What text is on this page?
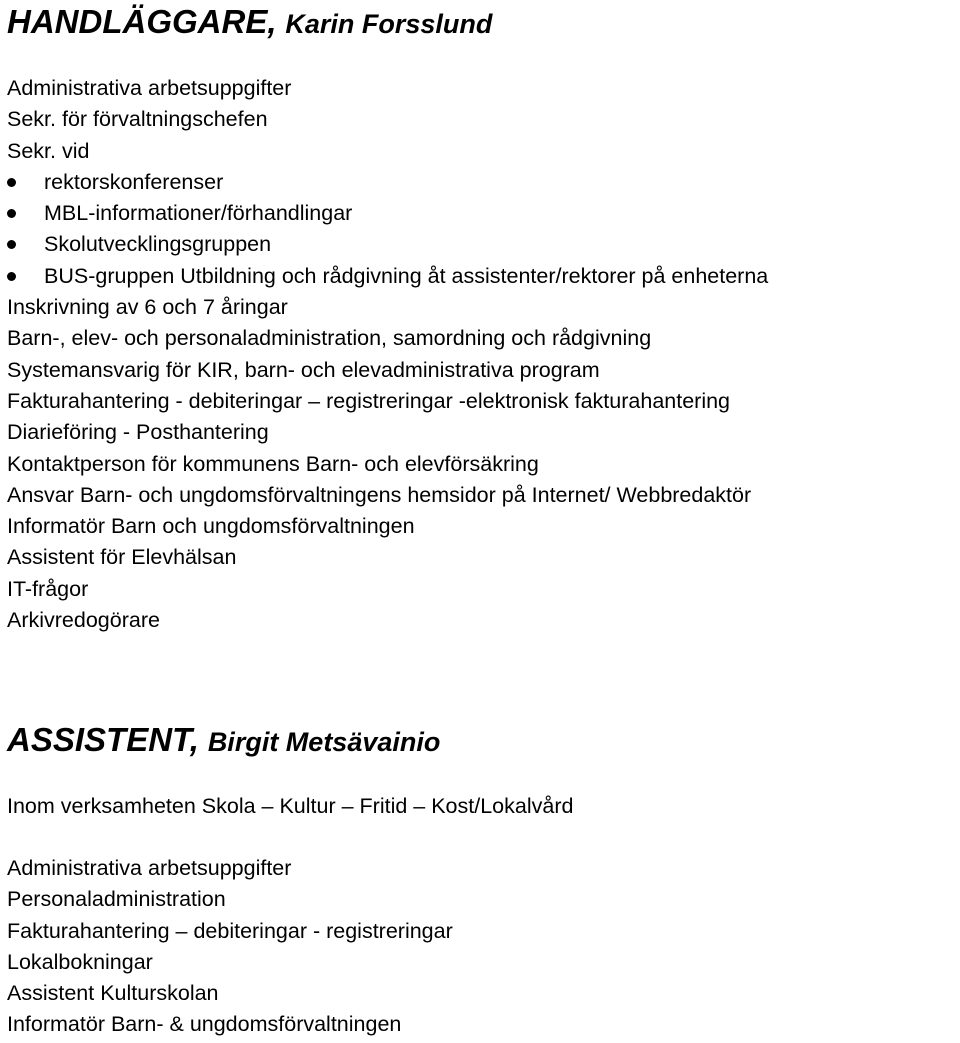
HANDLÄGGARE, Karin Forsslund
Administrativa arbetsuppgifter
Sekr. för förvaltningschefen
Sekr. vid
rektorskonferenser
MBL-informationer/förhandlingar
Skolutvecklingsgruppen
BUS-gruppen Utbildning och rådgivning åt assistenter/rektorer på enheterna
Inskrivning av 6 och 7 åringar
Barn-, elev- och personaladministration, samordning och rådgivning
Systemansvarig för KIR, barn- och elevadministrativa program
Fakturahantering - debiteringar – registreringar -elektronisk fakturahantering
Diarieföring - Posthantering
Kontaktperson för kommunens Barn- och elevförsäkring
Ansvar Barn- och ungdomsförvaltningens hemsidor på Internet/ Webbredaktör
Informatör Barn och ungdomsförvaltningen
Assistent för Elevhälsan
IT-frågor
Arkivredogörare
ASSISTENT, Birgit Metsävainio
Inom verksamheten Skola – Kultur – Fritid – Kost/Lokalvård
Administrativa arbetsuppgifter
Personaladministration
Fakturahantering – debiteringar - registreringar
Lokalbokningar
Assistent Kulturskolan
Informatör Barn- & ungdomsförvaltningen
